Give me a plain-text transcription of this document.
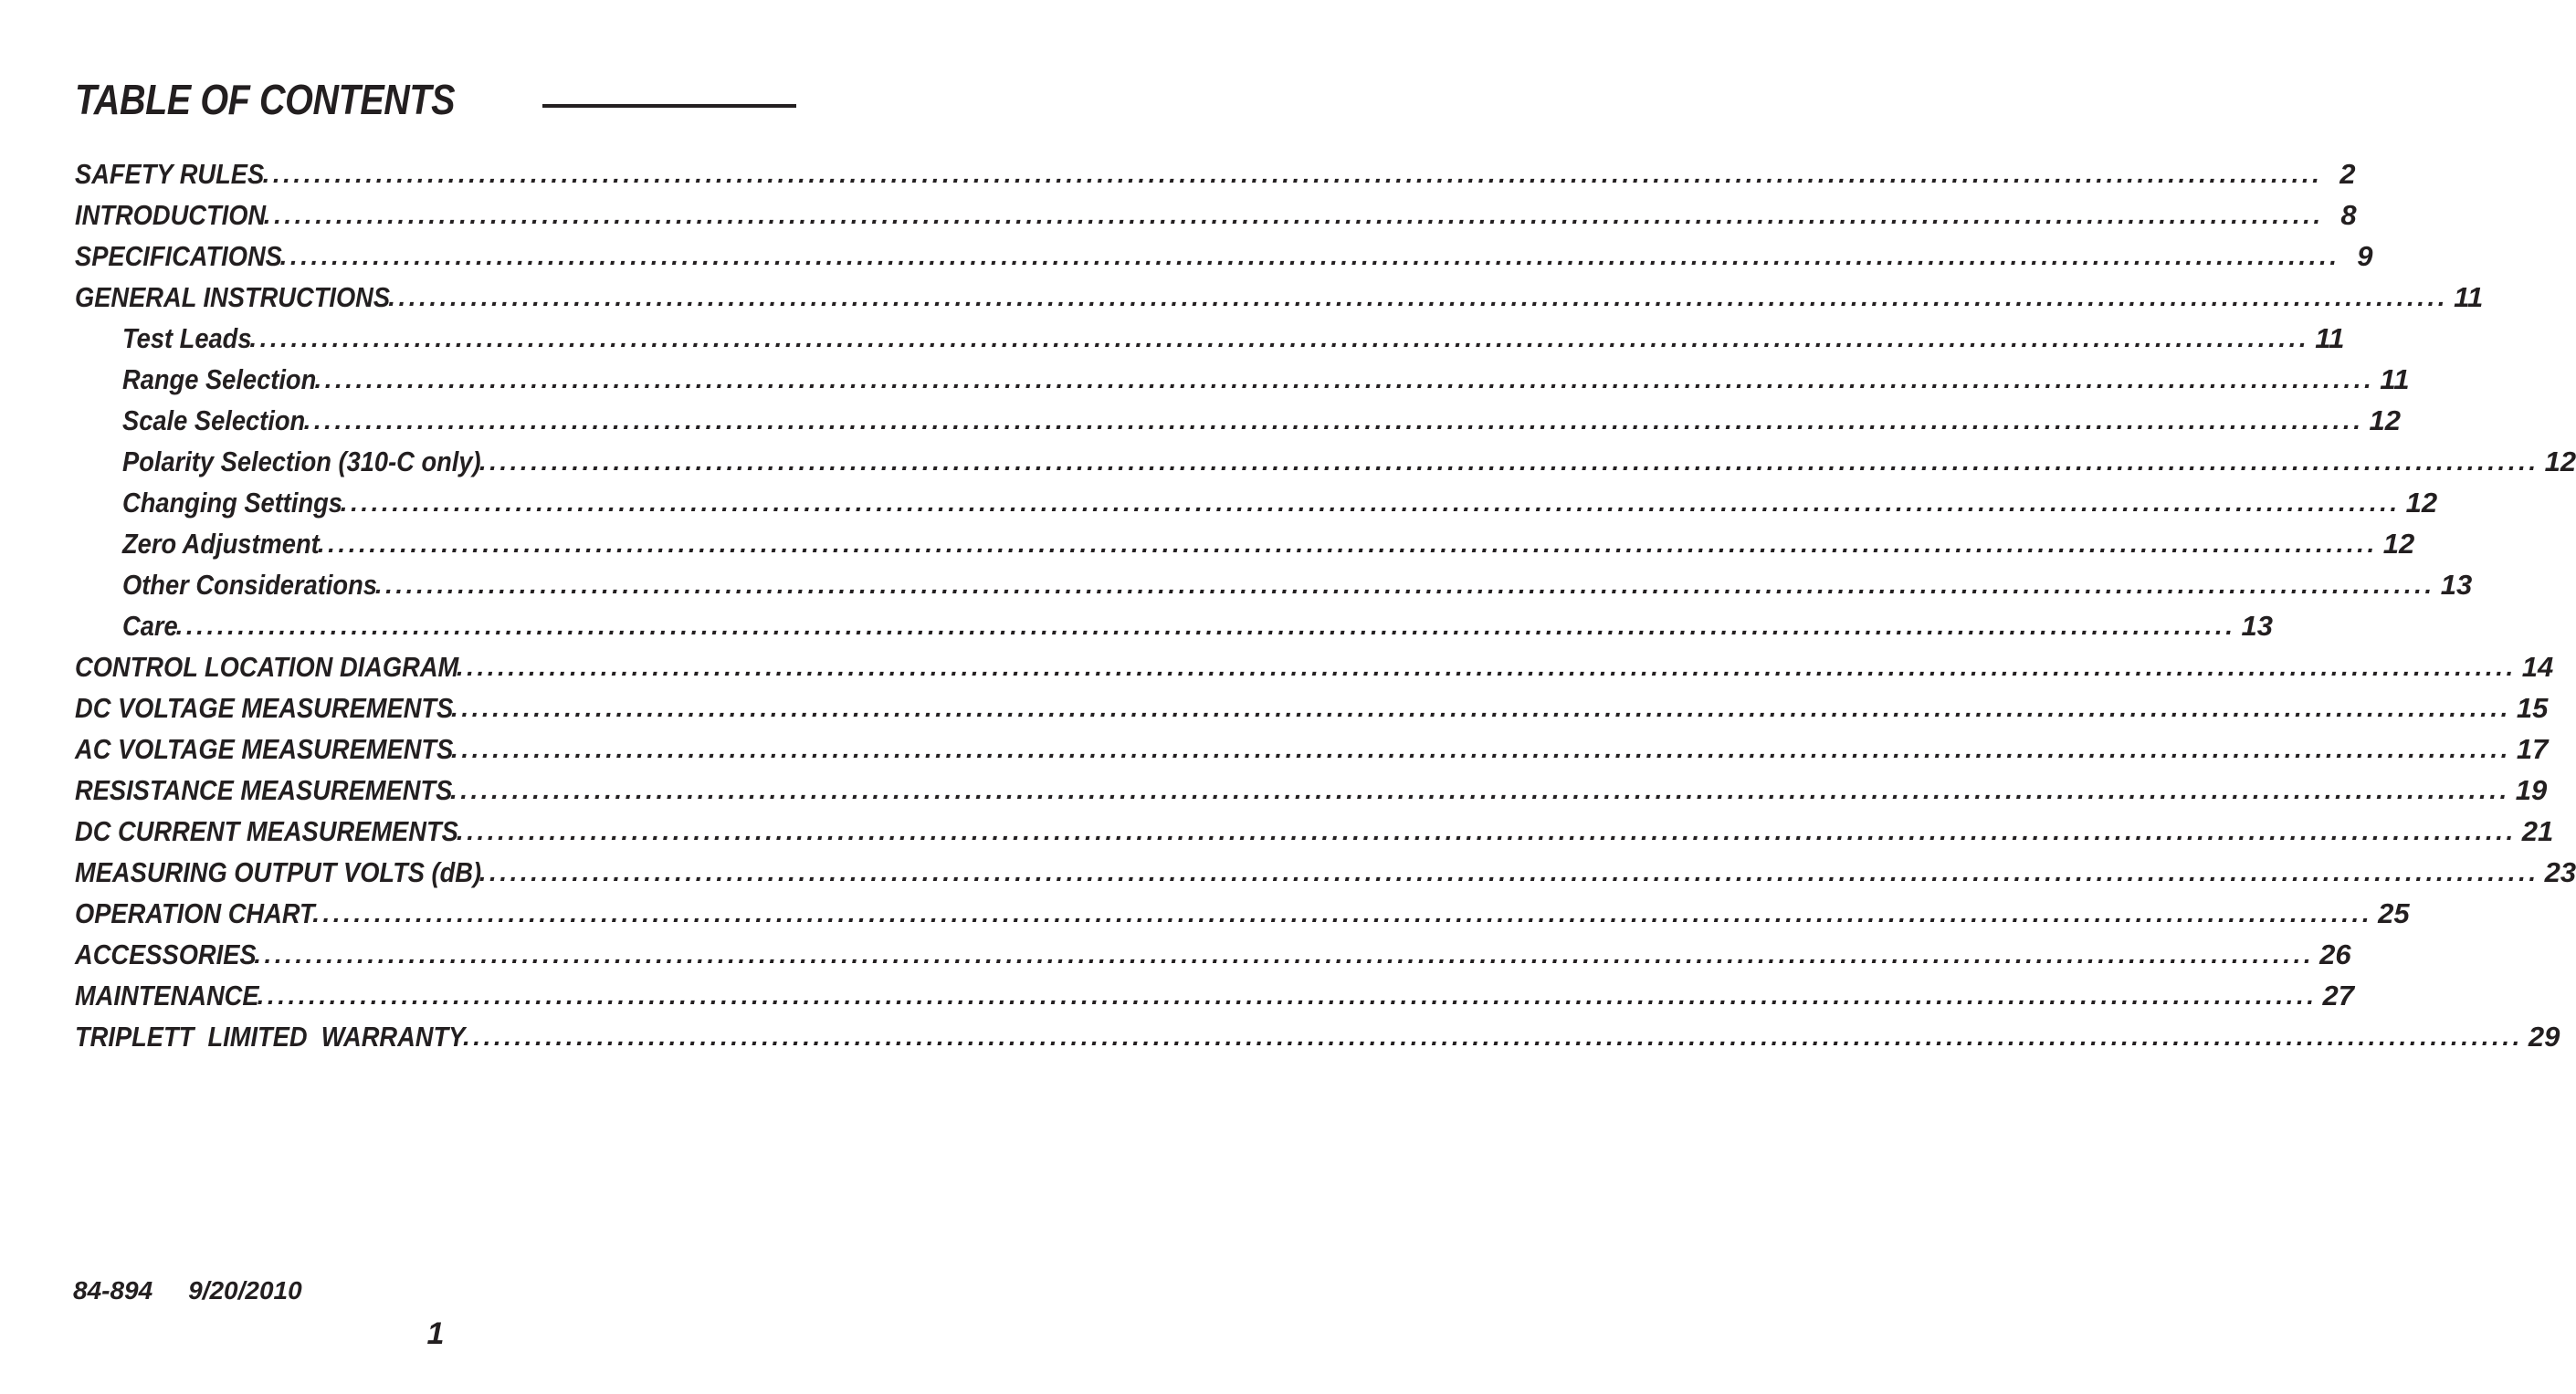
TABLE OF CONTENTS
SAFETY RULES
........................................................................................................................................................................................................ 2
INTRODUCTION
........................................................................................................................................................................................................ 8
SPECIFICATIONS
........................................................................................................................................................................................................ 9
GENERAL INSTRUCTIONS
........................................................................................................................................................................................................ 11
Test Leads
........................................................................................................................................................................................................ 11
Range Selection
........................................................................................................................................................................................................ 11
Scale Selection
........................................................................................................................................................................................................ 12
Polarity Selection (310-C only)
........................................................................................................................................................................................................ 12
Changing Settings
........................................................................................................................................................................................................ 12
Zero Adjustment
........................................................................................................................................................................................................ 12
Other Considerations
........................................................................................................................................................................................................ 13
Care
........................................................................................................................................................................................................ 13
CONTROL LOCATION DIAGRAM
........................................................................................................................................................................................................ 14
DC VOLTAGE MEASUREMENTS
........................................................................................................................................................................................................ 15
AC VOLTAGE MEASUREMENTS
........................................................................................................................................................................................................ 17
RESISTANCE MEASUREMENTS
........................................................................................................................................................................................................ 19
DC CURRENT MEASUREMENTS
........................................................................................................................................................................................................ 21
MEASURING OUTPUT VOLTS (dB)
........................................................................................................................................................................................................ 23
OPERATION CHART
........................................................................................................................................................................................................ 25
ACCESSORIES
........................................................................................................................................................................................................ 26
MAINTENANCE
........................................................................................................................................................................................................ 27
TRIPLETT  LIMITED  WARRANTY
........................................................................................................................................................................................................ 29
84-894 9/20/2010
1
